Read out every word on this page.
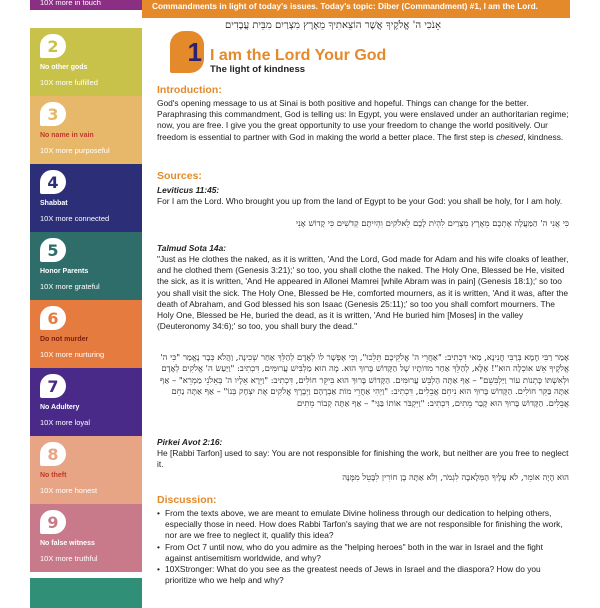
10X more in touch
2
No other gods
10X more fulfilled
3
No name in vain
10X more purposeful
4
Shabbat
10X more connected
5
Honor Parents
10X more grateful
6
Do not murder
10X more nurturing
7
No Adultery
10X more loyal
8
No theft
10X more honest
9
No false witness
10X more truthful
Commandments in light of today's issues. Today's topic: Diber (Commandment) #1, I am the Lord.
אָנֹכִי ה' אֱלֹקֶיךָ אֲשֶׁר הוֹצֵאתִיךָ מֵאֶרֶץ מִצְרַיִם מִבֵּית עֲבָדִים
1 I am the Lord Your God
The light of kindness
Introduction:
God's opening message to us at Sinai is both positive and hopeful. Things can change for the better. Paraphrasing this commandment, God is telling us: In Egypt, you were enslaved under an authoritarian regime; now, you are free. I give you the great opportunity to use your freedom to change the world positively. Our freedom is essential to partner with God in making the world a better place. The first step is chesed, kindness.
Sources:
Leviticus 11:45:
For I am the Lord. Who brought you up from the land of Egypt to be your God: you shall be holy, for I am holy.
כִּי אֲנִי ה' הַמַּעֲלֶה אֶתְכֶם מֵאֶרֶץ מִצְרַיִם לִהְיֹת לָכֶם לֵאלֹקִים וִהְיִיתֶם קְדֹשִׁים כִּי קָדוֹשׁ אָנִי
Talmud Sota 14a:
"Just as He clothes the naked, as it is written, 'And the Lord, God made for Adam and his wife cloaks of leather, and he clothed them (Genesis 3:21);' so too, you shall clothe the naked. The Holy One, Blessed be He, visited the sick, as it is written, 'And He appeared in Allonei Mamrei [while Abram was in pain] (Genesis 18:1);' so too you shall visit the sick. The Holy One, Blessed be He, comforted mourners, as it is written, 'And it was, after the death of Abraham, and God blessed his son Isaac (Genesis 25:11);' so too you shall comfort mourners. The Holy One, Blessed be He, buried the dead, as it is written, 'And He buried him [Moses] in the valley (Deuteronomy 34:6);' so too, you shall bury the dead."
אָמַר רַבִּי חָמָא בְּרַבִּי חֲנִינָא, מַאי דִּכְתִיב: "אַחֲרֵי ה' אֱלֹקֵיכֶם תֵּלֵכוּ", וְכִי אֶפְשָׁר לוֹ לְאָדָם לְהַלֵּךְ אַחַר שְׁכִינָה, וַהֲלֹא כְּבָר נֶאֱמַר "כִּי ה' אֱלֹקֶיךָ אֵשׁ אוֹכְלָה הוּא"! אֶלָּא, לְהַלֵּךְ אַחַר מִדּוֹתָיו שֶׁל הַקָּדוֹשׁ בָּרוּךְ הוּא. מָה הוּא מַלְבִּישׁ עֲרוּמִּים, דִּכְתִיב: "וַיַּעַשׂ ה' אֱלֹקִים לְאָדָם וּלְאִשְׁתּוֹ כָּתְנוֹת עוֹר וַיַּלְבִּשֵׁם" – אַף אַתָּה הַלְבֵּשׁ עֲרוּמִּים. הַקָּדוֹשׁ בָּרוּךְ הוּא בִּיקֵּר חוֹלִים, דִּכְתִיב: "וַיֵּרָא אֵלָיו ה' בְּאֵלֹנֵי מַמְרֵא" – אַף אַתָּה בַּקֵּר חוֹלִים. הַקָּדוֹשׁ בָּרוּךְ הוּא נִיחֵם אֲבֵלִים, דִּכְתִיב: "וַיְהִי אַחֲרֵי מוֹת אַבְרָהָם וַיְבָרֶךְ אֱלֹקִים אֶת יִצְחָק בְּנוֹ" – אַף אַתָּה נַחֵם אֲבֵלִים. הַקָּדוֹשׁ בָּרוּךְ הוּא קָבַר מֵתִים, דִּכְתִיב: "וַיִּקְבֹּר אוֹתוֹ בַּגַּי" – אַף אַתָּה קְבוֹר מֵתִים
Pirkei Avot 2:16:
He [Rabbi Tarfon] used to say: You are not responsible for finishing the work, but neither are you free to neglect it.
הוּא הָיָה אוֹמֵר, לֹא עָלֶיךָ הַמְּלָאכָה לִגְמֹר, וְלֹא אַתָּה בֶן חוֹרִין לִבָּטֵל מִמֶּנָּה
Discussion:
• From the texts above, we are meant to emulate Divine holiness through our dedication to helping others, especially those in need. How does Rabbi Tarfon's saying that we are not responsible for finishing the work, nor are we free to neglect it, qualify this idea?
• From Oct 7 until now, who do you admire as the "helping heroes" both in the war in Israel and the fight against antisemitism worldwide, and why?
• 10XStronger: What do you see as the greatest needs of Jews in Israel and the diaspora? How do you prioritize who we help and why?
